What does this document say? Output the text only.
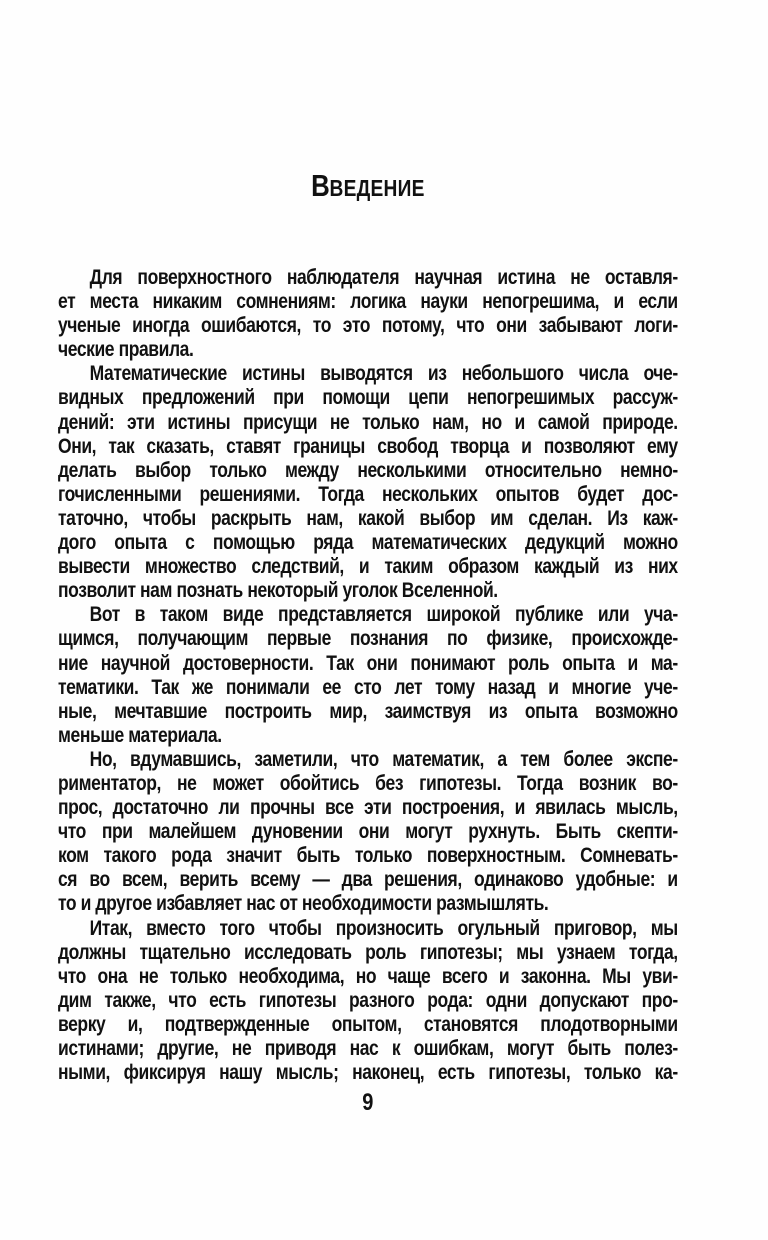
ВВЕДЕНИЕ
Для поверхностного наблюдателя научная истина не оставля-
ет места никаким сомнениям: логика науки непогрешима, и если
ученые иногда ошибаются, то это потому, что они забывают логи-
ческие правила.
Математические истины выводятся из небольшого числа оче-
видных предложений при помощи цепи непогрешимых рассуж-
дений: эти истины присущи не только нам, но и самой природе.
Они, так сказать, ставят границы свобод творца и позволяют ему
делать выбор только между несколькими относительно немно-
гочисленными решениями. Тогда нескольких опытов будет дос-
таточно, чтобы раскрыть нам, какой выбор им сделан. Из каж-
дого опыта с помощью ряда математических дедукций можно
вывести множество следствий, и таким образом каждый из них
позволит нам познать некоторый уголок Вселенной.
Вот в таком виде представляется широкой публике или уча-
щимся, получающим первые познания по физике, происхожде-
ние научной достоверности. Так они понимают роль опыта и ма-
тематики. Так же понимали ее сто лет тому назад и многие уче-
ные, мечтавшие построить мир, заимствуя из опыта возможно
меньше материала.
Но, вдумавшись, заметили, что математик, а тем более экспе-
риментатор, не может обойтись без гипотезы. Тогда возник во-
прос, достаточно ли прочны все эти построения, и явилась мысль,
что при малейшем дуновении они могут рухнуть. Быть скепти-
ком такого рода значит быть только поверхностным. Сомневать-
ся во всем, верить всему — два решения, одинаково удобные: и
то и другое избавляет нас от необходимости размышлять.
Итак, вместо того чтобы произносить огульный приговор, мы
должны тщательно исследовать роль гипотезы; мы узнаем тогда,
что она не только необходима, но чаще всего и законна. Мы уви-
дим также, что есть гипотезы разного рода: одни допускают про-
верку и, подтвержденные опытом, становятся плодотворными
истинами; другие, не приводя нас к ошибкам, могут быть полез-
ными, фиксируя нашу мысль; наконец, есть гипотезы, только ка-
9
